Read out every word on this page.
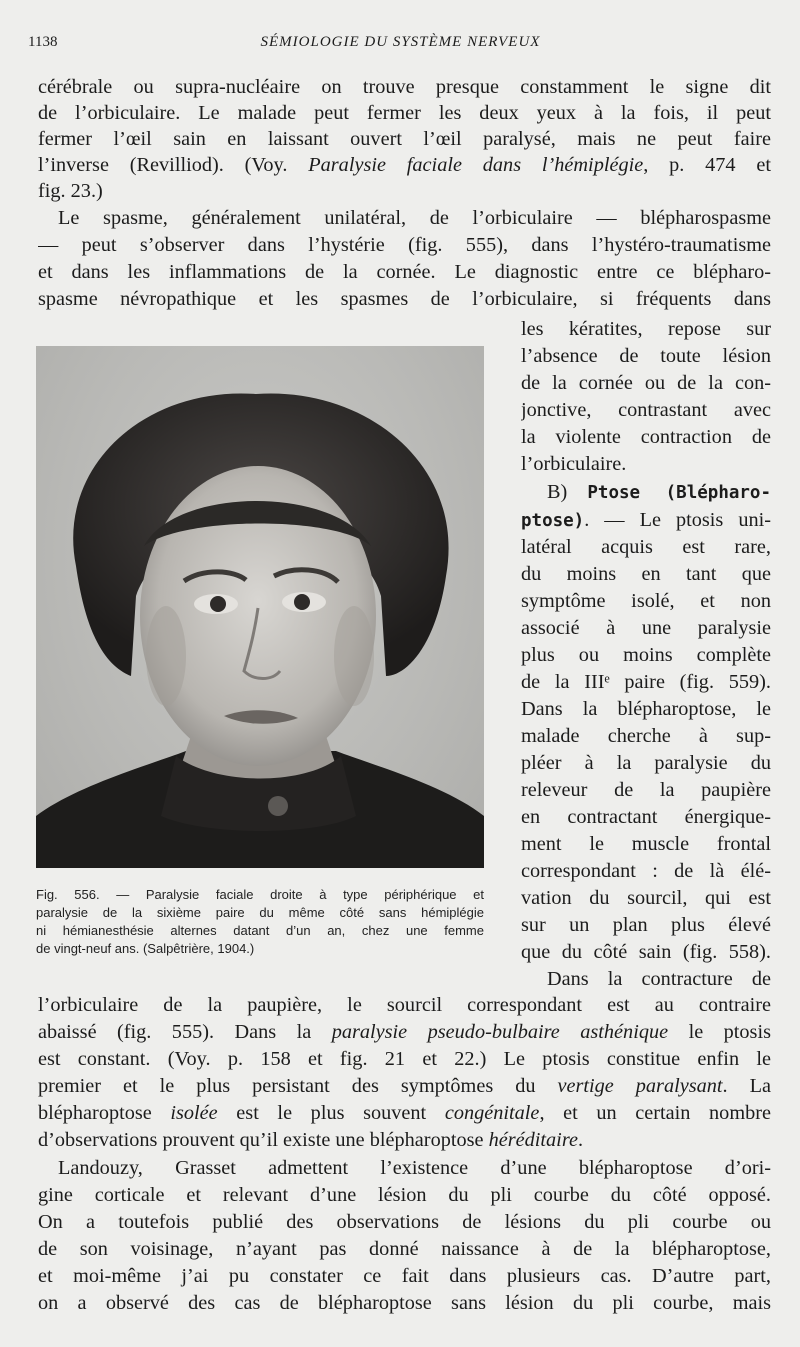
1138	SÉMIOLOGIE DU SYSTÈME NERVEUX
cérébrale ou supra-nucléaire on trouve presque constamment le signe dit
de l’orbiculaire. Le malade peut fermer les deux yeux à la fois, il peut
fermer l’œil sain en laissant ouvert l’œil paralysé, mais ne peut faire
l’inverse (Revilliod). (Voy. Paralysie faciale dans l’hémiplégie, p. 474 et
fig. 23.)
Le spasme, généralement unilatéral, de l’orbiculaire — blépharospasme
— peut s’observer dans l’hystérie (fig. 555), dans l’hystéro-traumatisme
et dans les inflammations de la cornée. Le diagnostic entre ce blépharo-
spasme névropathique et les spasmes de l’orbiculaire, si fréquents dans
les kératites, repose sur
l’absence de toute lésion
de la cornée ou de la con-
jonctive, contrastant avec
la violente contraction de
l’orbiculaire.
B) Ptose (Blépharo-
ptose). — Le ptosis uni-
latéral acquis est rare,
du moins en tant que
symptôme isolé, et non
associé à une paralysie
plus ou moins complète
de la IIIᵉ paire (fig. 559).
Dans la blépharoptose, le
malade cherche à sup-
pléer à la paralysie du
releveur de la paupière
en contractant énergique-
ment le muscle frontal
correspondant : de là élé-
vation du sourcil, qui est
sur un plan plus élevé
que du côté sain (fig. 558).
Dans la contracture de
Fig. 556. — Paralysie faciale droite à type périphérique et
paralysie de la sixième paire du même côté sans hémiplégie
ni hémianesthésie alternes datant d’un an, chez une femme
de vingt-neuf ans. (Salpêtrière, 1904.)
l’orbiculaire de la paupière, le sourcil correspondant est au contraire
abaissé (fig. 555). Dans la paralysie pseudo-bulbaire asthénique le ptosis
est constant. (Voy. p. 158 et fig. 21 et 22.) Le ptosis constitue enfin le
premier et le plus persistant des symptômes du vertige paralysant. La
blépharoptose isolée est le plus souvent congénitale, et un certain nombre
d’observations prouvent qu’il existe une blépharoptose héréditaire.
Landouzy, Grasset admettent l’existence d’une blépharoptose d’ori-
gine corticale et relevant d’une lésion du pli courbe du côté opposé.
On a toutefois publié des observations de lésions du pli courbe ou
de son voisinage, n’ayant pas donné naissance à de la blépharoptose,
et moi-même j’ai pu constater ce fait dans plusieurs cas. D’autre part,
on a observé des cas de blépharoptose sans lésion du pli courbe, mais
